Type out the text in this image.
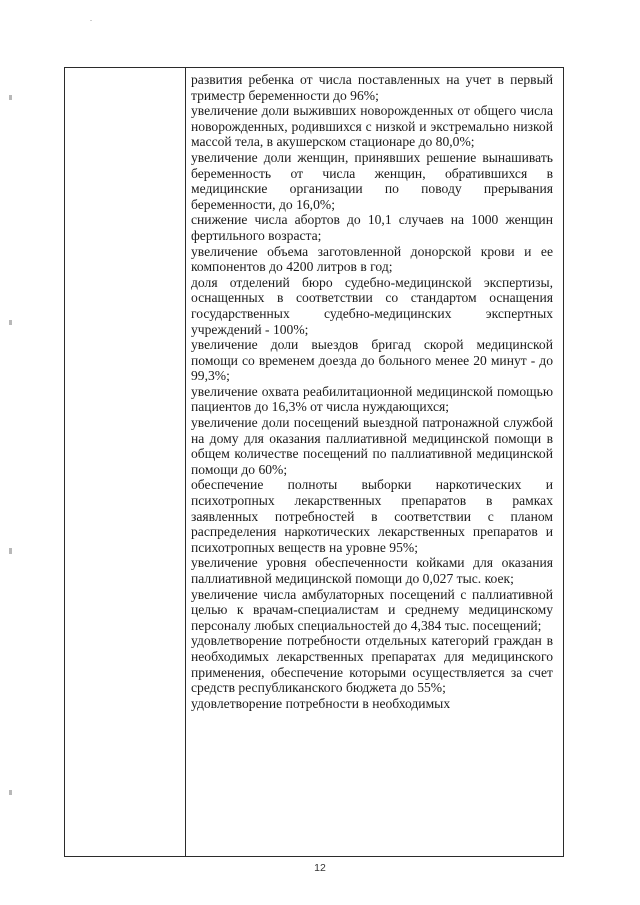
развития ребенка от числа поставленных на учет в первый триместр беременности до 96%;

увеличение доли выживших новорожденных от общего числа новорожденных, родившихся с низкой и экстремально низкой массой тела, в акушерском стационаре до 80,0%;

увеличение доли женщин, принявших решение вынашивать беременность от числа женщин, обратившихся в медицинские организации по поводу прерывания беременности, до 16,0%;

снижение числа абортов до 10,1 случаев на 1000 женщин фертильного возраста;

увеличение объема заготовленной донорской крови и ее компонентов до 4200 литров в год;

доля отделений бюро судебно-медицинской экспертизы, оснащенных в соответствии со стандартом оснащения государственных судебно-медицинских экспертных учреждений - 100%;

увеличение доли выездов бригад скорой медицинской помощи со временем доезда до больного менее 20 минут - до 99,3%;

увеличение охвата реабилитационной медицинской помощью пациентов до 16,3% от числа нуждающихся;

увеличение доли посещений выездной патронажной службой на дому для оказания паллиативной медицинской помощи в общем количестве посещений по паллиативной медицинской помощи до 60%;

обеспечение полноты выборки наркотических и психотропных лекарственных препаратов в рамках заявленных потребностей в соответствии с планом распределения наркотических лекарственных препаратов и психотропных веществ на уровне 95%;

увеличение уровня обеспеченности койками для оказания паллиативной медицинской помощи до 0,027 тыс. коек;

увеличение числа амбулаторных посещений с паллиативной целью к врачам-специалистам и среднему медицинскому персоналу любых специальностей до 4,384 тыс. посещений;

удовлетворение потребности отдельных категорий граждан в необходимых лекарственных препаратах для медицинского применения, обеспечение которыми осуществляется за счет средств республиканского бюджета до 55%;

удовлетворение потребности в необходимых

12
